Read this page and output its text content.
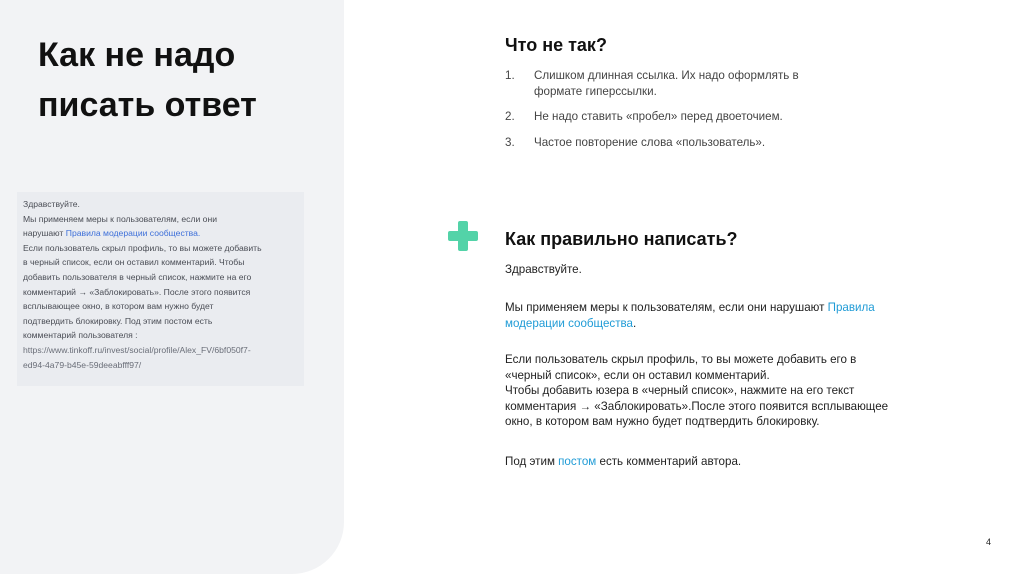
Как не надо писать ответ
Здравствуйте.
Мы применяем меры к пользователям, если они
нарушают Правила модерации сообщества.
Если пользователь скрыл профиль, то вы можете добавить
в черный список, если он оставил комментарий. Чтобы
добавить пользователя в черный список, нажмите на его
комментарий → «Заблокировать». После этого появится
всплывающее окно, в котором вам нужно будет
подтвердить блокировку. Под этим постом есть
комментарий пользователя :
https://www.tinkoff.ru/invest/social/profile/Alex_FV/6bf050f7-
ed94-4a79-b45e-59deeabfff97/
Что не так?
1. Слишком длинная ссылка. Их надо оформлять в формате гиперссылки.
2. Не надо ставить «пробел» перед двоеточием.
3. Частое повторение слова «пользователь».
Как правильно написать?

Здравствуйте.

Мы применяем меры к пользователям, если они нарушают Правила модерации сообщества.

Если пользователь скрыл профиль, то вы можете добавить его в
«черный список», если он оставил комментарий.
Чтобы добавить юзера в «черный список», нажмите на его текст
комментария → «Заблокировать».После этого появится всплывающее
окно, в котором вам нужно будет подтвердить блокировку.

Под этим постом есть комментарий автора.

4
